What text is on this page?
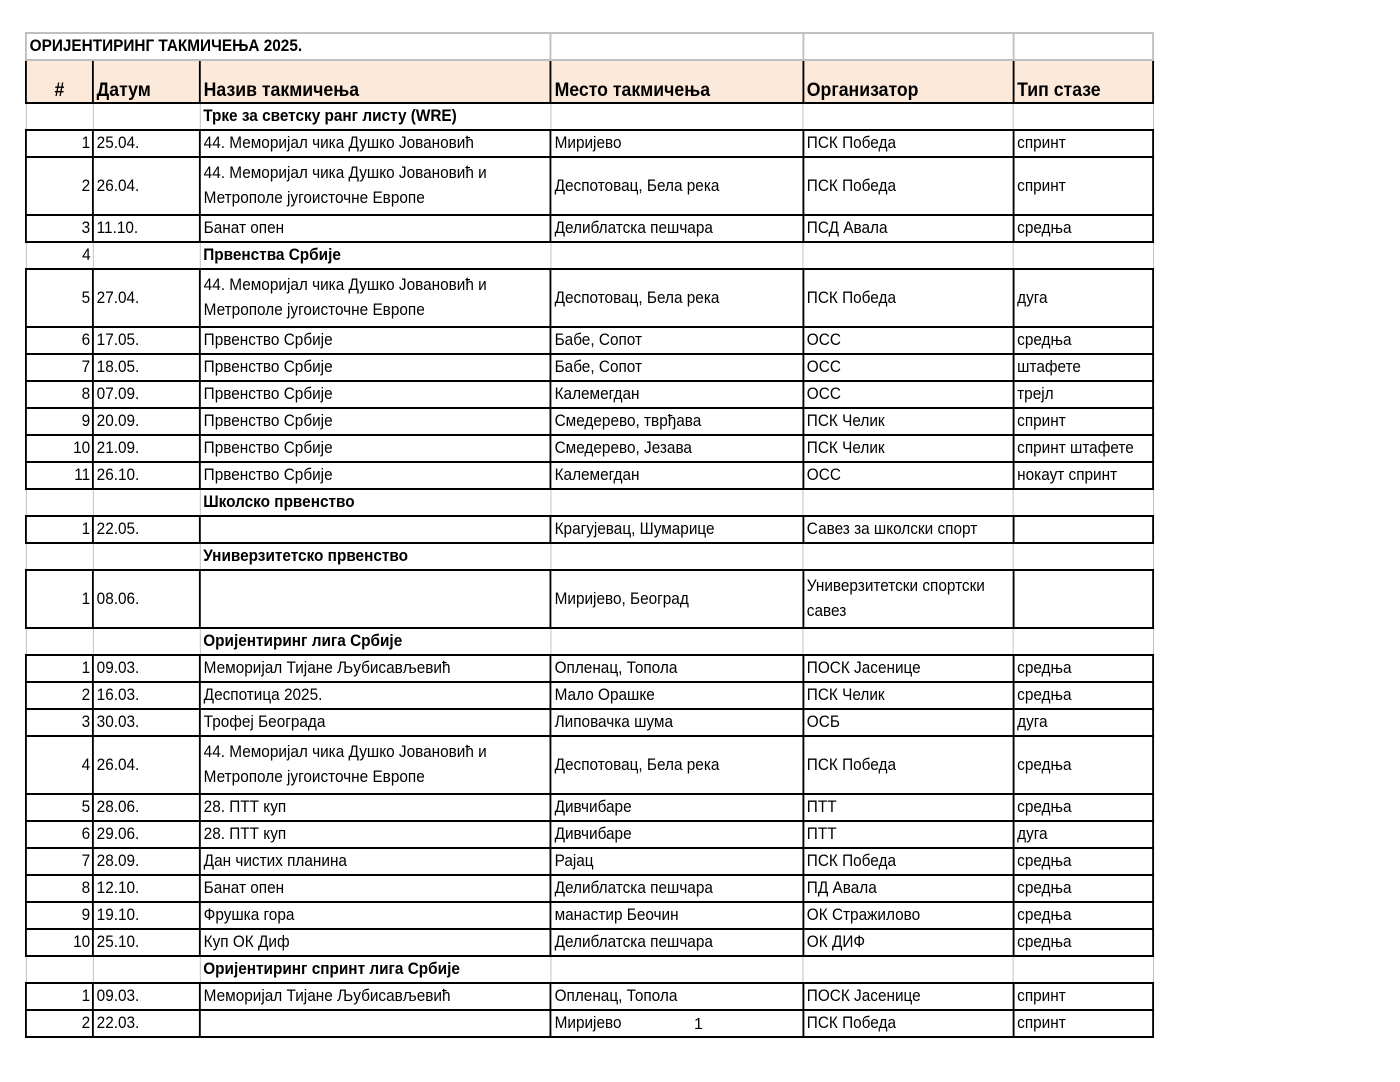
ОРИЈЕНТИРИНГ ТАКМИЧЕЊА 2025.					
#	Датум	Назив такмичења	Место такмичења	Организатор	Тип стазе
		Трке за светску ранг листу (WRE)			
1	25.04.	44. Меморијал чика Душко Јовановић	Миријево	ПСК Победа	спринт
2	26.04.	44. Меморијал чика Душко Јовановић и Метрополе југоисточне Европе	Деспотовац, Бела река	ПСК Победа	спринт
3	11.10.	Банат опен	Делиблатска пешчара	ПСД Авала	средња
4		Првенства Србије			
5	27.04.	44. Меморијал чика Душко Јовановић и Метрополе југоисточне Европе	Деспотовац, Бела река	ПСК Победа	дуга
6	17.05.	Првенство Србије	Бабе, Сопот	ОСС	средња
7	18.05.	Првенство Србије	Бабе, Сопот	ОСС	штафете
8	07.09.	Првенство Србије	Калемегдан	ОСС	трејл
9	20.09.	Првенство Србије	Смедерево, тврђава	ПСК Челик	спринт
10	21.09.	Првенство Србије	Смедерево, Језава	ПСК Челик	спринт штафете
11	26.10.	Првенство Србије	Калемегдан	ОСС	нокаут спринт
		Школско првенство			
1	22.05.		Крагујевац, Шумарице	Савез за школски спорт	
		Универзитетско првенство			
1	08.06.		Миријево, Београд	Универзитетски спортски савез	
		Оријентиринг лига Србије			
1	09.03.	Меморијал Тијане Љубисављевић	Опленац, Топола	ПОСК Јасенице	средња
2	16.03.	Деспотица 2025.	Мало Орашке	ПСК Челик	средња
3	30.03.	Трофеј Београда	Липовачка шума	ОСБ	дуга
4	26.04.	44. Меморијал чика Душко Јовановић и Метрополе југоисточне Европе	Деспотовац, Бела река	ПСК Победа	средња
5	28.06.	28. ПТТ куп	Дивчибаре	ПТТ	средња
6	29.06.	28. ПТТ куп	Дивчибаре	ПТТ	дуга
7	28.09.	Дан чистих планина	Рајац	ПСК Победа	средња
8	12.10.	Банат опен	Делиблатска пешчара	ПД Авала	средња
9	19.10.	Фрушка гора	манастир Беочин	ОК Стражилово	средња
10	25.10.	Куп ОК Диф	Делиблатска пешчара	ОК ДИФ	средња
		Оријентиринг спринт лига Србије			
1	09.03.	Меморијал Тијане Љубисављевић	Опленац, Топола	ПОСК Јасенице	спринт
2	22.03.		Миријево	ПСК Победа	спринт
1
